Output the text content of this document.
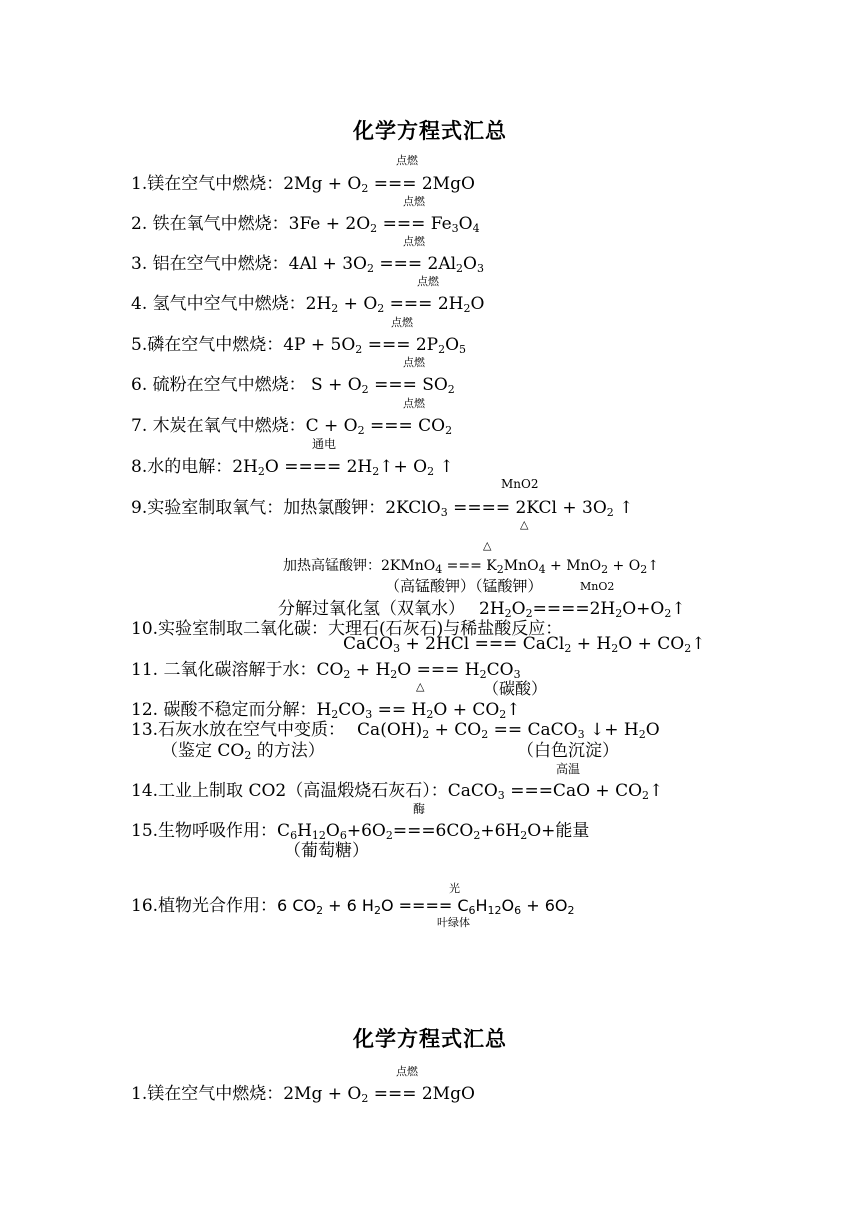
化学方程式汇总
点燃
1.镁在空气中燃烧：$2Mg + O_2$ === 2MgO
点燃
2. 铁在氧气中燃烧：$3Fe + 2O_2$ === $Fe_3O_4$
点燃
3. 铝在空气中燃烧：$4Al + 3O_2$ === $2Al_2O_3$
点燃
4. 氢气中空气中燃烧：$2H_2 + O_2$ === $2H_2O$
点燃
5.磷在空气中燃烧：$4P + 5O_2$ === $2P_2O_5$
点燃
6. 硫粉在空气中燃烧： $S + O_2$ === $SO_2$
点燃
7. 木炭在氧气中燃烧：$C + O_2$ === $CO_2$
通电
8.水的电解：$2H_2O$ ==== $2H_2↑+ O_2$ ↑
MnO2
9.实验室制取氧气：加热氯酸钾：2KClO$_3$ ==== $2KCl + 3O_2$ ↑
△
△
加热高锰酸钾：2KMnO$_4$ === $K_2MnO_4 + MnO_2$ + $O_2↑$
（高锰酸钾）（锰酸钾）	MnO2
分解过氧化氢（双氧水） $2H_2O_2====2H_2O+O_2↑$
10.实验室制取二氧化碳：大理石(石灰石)与稀盐酸反应：
CaCO$_3$ + 2HCl === CaCl$_2$ + $H_2O$ + $CO_2↑$
11. 二氧化碳溶解于水：$CO_2 + H_2O$ === $H_2CO_3$
（碳酸）
△
12. 碳酸不稳定而分解：$H_2CO_3 == H_2O$ + $CO_2↑$
13.石灰水放在空气中变质： $Ca(OH)_2 + CO_2$ == CaCO$_3$ ↓+ $H_2O$
（鉴定 $CO_2$ 的方法）	（白色沉淀）
高温
14.工业上制取 CO2（高温煅烧石灰石）：CaCO$_3$ $===CaO + CO_2↑$
酶
15.生物呼吸作用：$C_6H_{12}O_6+6O_2===6CO_2+6H_2O+$能量
（葡萄糖）
光
16.植物光合作用：6 $CO_2 + 6$ $H_2O$ ==== $C_6H_{12}O_6 + 6O_2$
叶绿体
化学方程式汇总
点燃
1.镁在空气中燃烧：$2Mg + O_2$ === 2MgO
